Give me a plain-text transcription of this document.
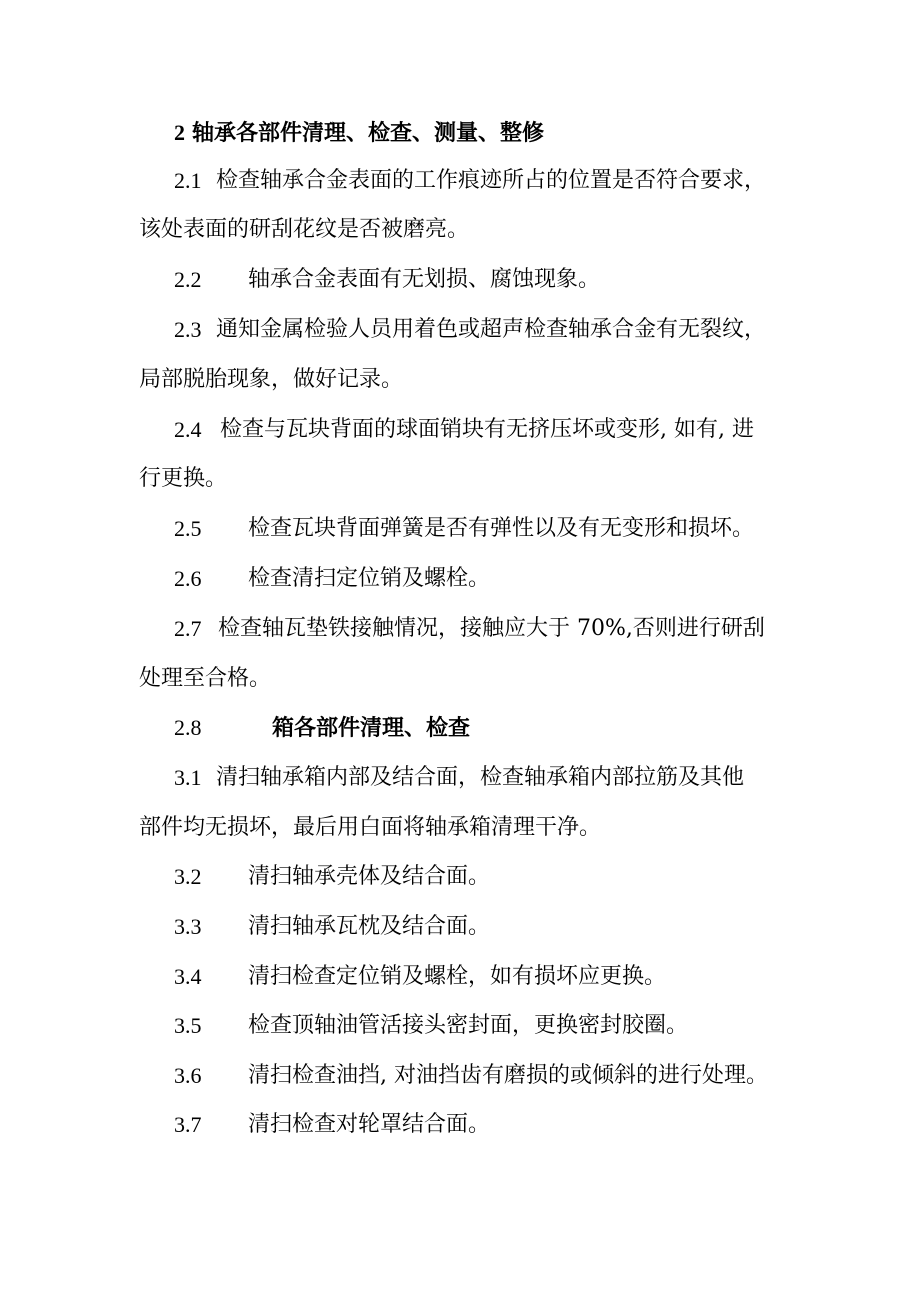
2 轴承各部件清理、检查、测量、整修
2.1 检查轴承合金表面的工作痕迹所占的位置是否符合要求，
该处表面的研刮花纹是否被磨亮。
2.2 轴承合金表面有无划损、腐蚀现象。
2.3 通知金属检验人员用着色或超声检查轴承合金有无裂纹，
局部脱胎现象，做好记录。
2.4 检查与瓦块背面的球面销块有无挤压坏或变形, 如有, 进
行更换。
2.5 检查瓦块背面弹簧是否有弹性以及有无变形和损坏。
2.6 检查清扫定位销及螺栓。
2.7 检查轴瓦垫铁接触情况，接触应大于 70%,否则进行研刮
处理至合格。
2.8	箱各部件清理、检查
3.1 清扫轴承箱内部及结合面，检查轴承箱内部拉筋及其他
部件均无损坏，最后用白面将轴承箱清理干净。
3.2 清扫轴承壳体及结合面。
3.3 清扫轴承瓦枕及结合面。
3.4 清扫检查定位销及螺栓，如有损坏应更换。
3.5 检查顶轴油管活接头密封面，更换密封胶圈。
3.6 清扫检查油挡, 对油挡齿有磨损的或倾斜的进行处理。
3.7 清扫检查对轮罩结合面。
